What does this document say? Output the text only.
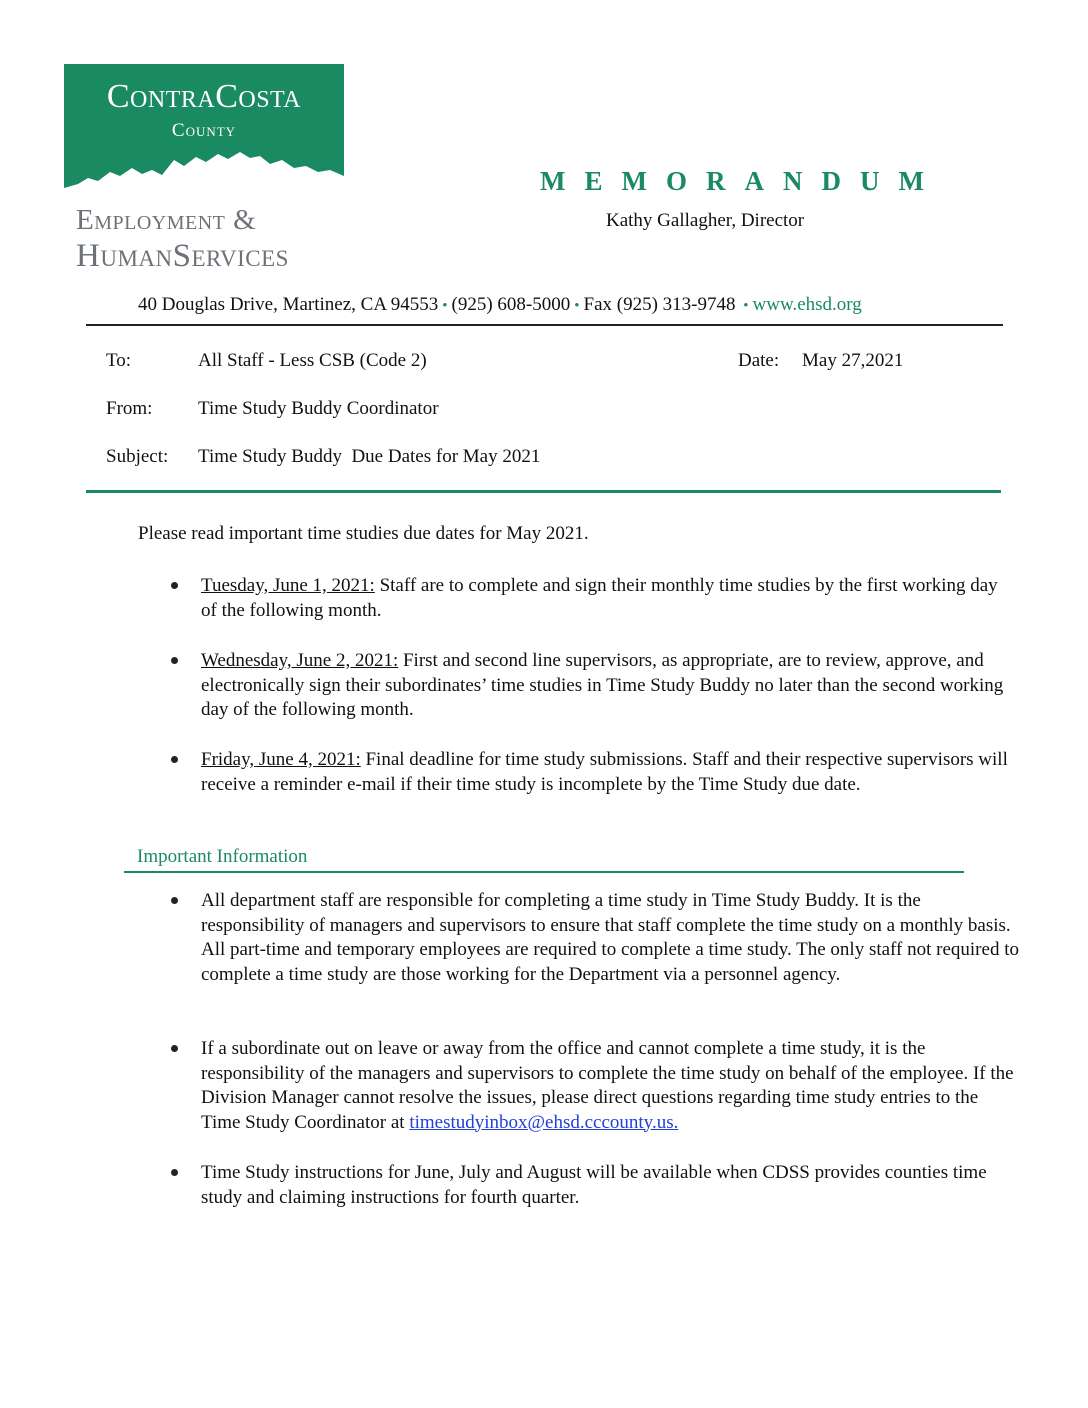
ContraCosta
County
Employment &
HumanServices
MEMORANDUM
Kathy Gallagher, Director
40 Douglas Drive, Martinez, CA 94553 • (925) 608-5000 • Fax (925) 313-9748 • www.ehsd.org
To:	All Staff - Less CSB (Code 2)	Date: May 27,2021
From: Time Study Buddy Coordinator
Subject: Time Study Buddy  Due Dates for May 2021
Please read important time studies due dates for May 2021.
Tuesday, June 1, 2021: Staff are to complete and sign their monthly time studies by the first working day of the following month.
Wednesday, June 2, 2021: First and second line supervisors, as appropriate, are to review, approve, and electronically sign their subordinates’ time studies in Time Study Buddy no later than the second working day of the following month.
Friday, June 4, 2021: Final deadline for time study submissions. Staff and their respective supervisors will receive a reminder e-mail if their time study is incomplete by the Time Study due date.
Important Information
All department staff are responsible for completing a time study in Time Study Buddy. It is the responsibility of managers and supervisors to ensure that staff complete the time study on a monthly basis. All part-time and temporary employees are required to complete a time study. The only staff not required to complete a time study are those working for the Department via a personnel agency.
If a subordinate out on leave or away from the office and cannot complete a time study, it is the responsibility of the managers and supervisors to complete the time study on behalf of the employee. If the Division Manager cannot resolve the issues, please direct questions regarding time study entries to the Time Study Coordinator at timestudyinbox@ehsd.cccounty.us.
Time Study instructions for June, July and August will be available when CDSS provides counties time study and claiming instructions for fourth quarter.
